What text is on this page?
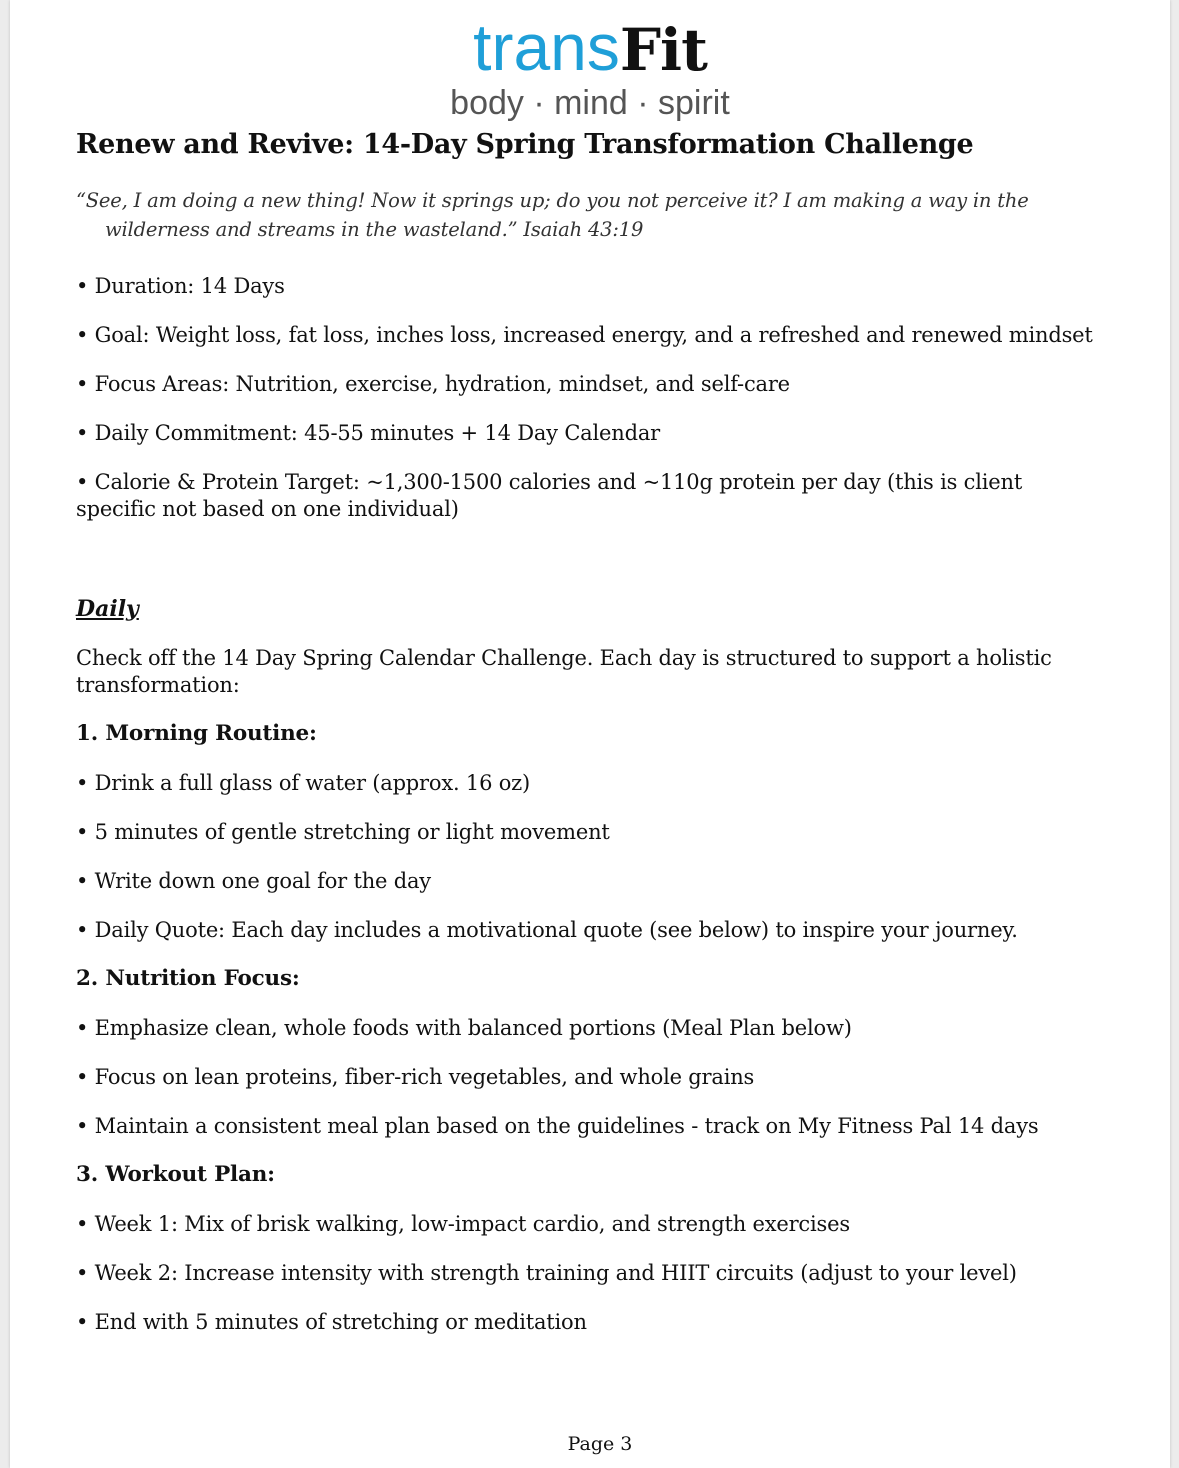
transFit
body · mind · spirit
Renew and Revive: 14-Day Spring Transformation Challenge

“See, I am doing a new thing! Now it springs up; do you not perceive it? I am making a way in the wilderness and streams in the wasteland.” Isaiah 43:19

• Duration: 14 Days

• Goal: Weight loss, fat loss, inches loss, increased energy, and a refreshed and renewed mindset

• Focus Areas: Nutrition, exercise, hydration, mindset, and self-care

• Daily Commitment: 45-55 minutes + 14 Day Calendar

• Calorie & Protein Target: ~1,300-1500 calories and ~110g protein per day (this is client specific not based on one individual)

Daily

Check off the 14 Day Spring Calendar Challenge. Each day is structured to support a holistic transformation:

1. Morning Routine:

• Drink a full glass of water (approx. 16 oz)

• 5 minutes of gentle stretching or light movement

• Write down one goal for the day

• Daily Quote: Each day includes a motivational quote (see below) to inspire your journey.

2. Nutrition Focus:

• Emphasize clean, whole foods with balanced portions (Meal Plan below)

• Focus on lean proteins, fiber-rich vegetables, and whole grains

• Maintain a consistent meal plan based on the guidelines - track on My Fitness Pal 14 days

3. Workout Plan:

• Week 1: Mix of brisk walking, low-impact cardio, and strength exercises

• Week 2: Increase intensity with strength training and HIIT circuits (adjust to your level)

• End with 5 minutes of stretching or meditation

Page 3
